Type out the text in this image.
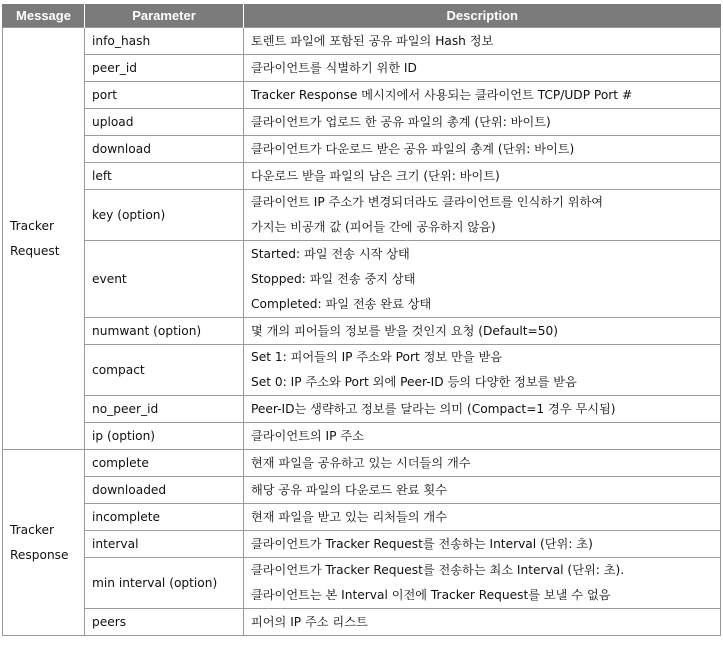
Message	Parameter	Description

Tracker
Request	info_hash	토렌트 파일에 포함된 공유 파일의 Hash 정보

	peer_id	클라이언트를 식별하기 위한 ID

	port	Tracker Response 메시지에서 사용되는 클라이언트 TCP/UDP Port #

	upload	클라이언트가 업로드 한 공유 파일의 총계 (단위: 바이트)

	download	클라이언트가 다운로드 받은 공유 파일의 총계 (단위: 바이트)

	left	다운로드 받을 파일의 남은 크기 (단위: 바이트)

	key (option)	클라이언트 IP 주소가 변경되더라도 클라이언트를 인식하기 위하여
가지는 비공개 값 (피어들 간에 공유하지 않음)

	event	Started: 파일 전송 시작 상태
Stopped: 파일 전송 중지 상태
Completed: 파일 전송 완료 상태

	numwant (option)	몇 개의 피어들의 정보를 받을 것인지 요청 (Default=50)

	compact	Set 1: 피어들의 IP 주소와 Port 정보 만을 받음
Set 0: IP 주소와 Port 외에 Peer-ID 등의 다양한 정보를 받음

	no_peer_id	Peer-ID는 생략하고 정보를 달라는 의미 (Compact=1 경우 무시됨)

	ip (option)	클라이언트의 IP 주소

Tracker
Response	complete	현재 파일을 공유하고 있는 시더들의 개수

	downloaded	해당 공유 파일의 다운로드 완료 횟수

	incomplete	현재 파일을 받고 있는 리처들의 개수

	interval	클라이언트가 Tracker Request를 전송하는 Interval (단위: 초)

	min interval (option)	클라이언트가 Tracker Request를 전송하는 최소 Interval (단위: 초).
클라이언트는 본 Interval 이전에 Tracker Request를 보낼 수 없음

	peers	피어의 IP 주소 리스트
